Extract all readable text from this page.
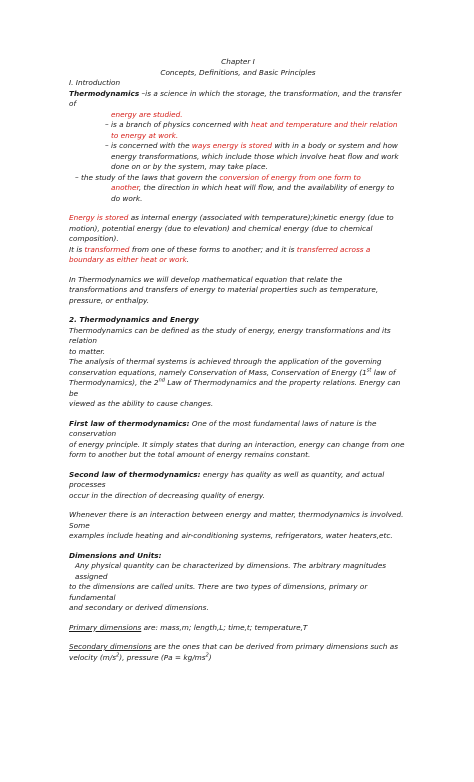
Chapter I

Concepts, Definitions, and Basic Principles

I. Introduction

Thermodynamics –is a science in which the storage, the transformation, and the transfer of

energy are studied.

– is a branch of physics concerned with heat and temperature and their relation

to energy at work.

– is concerned with the ways energy is stored with in a body or system and how

energy transformations, which include those which involve heat flow and work

done on or by the system, may take place.

– the study of the laws that govern the conversion of energy from one form to

another, the direction in which heat will flow, and the availability of energy to

do work.

Energy is stored as internal energy (associated with temperature);kinetic energy (due to

motion), potential energy (due to elevation) and chemical energy (due to chemical composition).

It is transformed from one of these forms to another; and it is transferred across a

boundary as either heat or work.

In Thermodynamics we will develop mathematical equation that relate the

transformations and transfers of energy to material properties such as temperature,

pressure, or enthalpy.

2. Thermodynamics and Energy

Thermodynamics can be defined as the study of energy, energy transformations and its relation

to matter.

The analysis of thermal systems is achieved through the application of the governing

conservation equations, namely Conservation of Mass, Conservation of Energy (1st law of

Thermodynamics), the 2nd Law of Thermodynamics and the property relations. Energy can be

viewed as the ability to cause changes.

First law of thermodynamics: One of the most fundamental laws of nature is the conservation

of energy principle. It simply states that during an interaction, energy can change from one

form to another but the total amount of energy remains constant.

Second law of thermodynamics: energy has quality as well as quantity, and actual processes

occur in the direction of decreasing quality of energy.

Whenever there is an interaction between energy and matter, thermodynamics is involved. Some

examples include heating and air-conditioning systems, refrigerators, water heaters,etc.

Dimensions and Units:

Any physical quantity can be characterized by dimensions. The arbitrary magnitudes assigned

to the dimensions are called units. There are two types of dimensions, primary or fundamental

and secondary or derived dimensions.

Primary dimensions are: mass,m; length,L; time,t; temperature,T

Secondary dimensions are the ones that can be derived from primary dimensions such as

velocity $(m/s^2)$, pressure $(Pa = kg/ms^2)$
